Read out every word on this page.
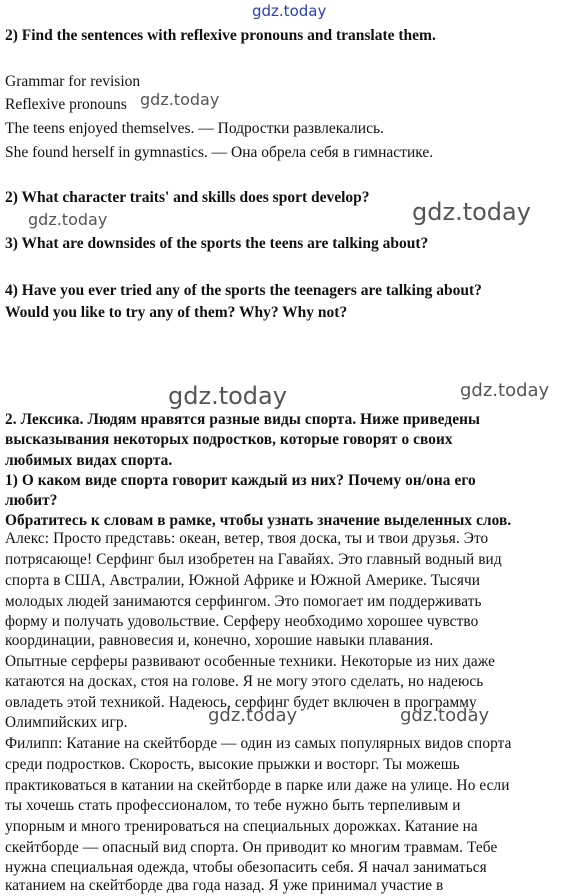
gdz.today
gdz.today
gdz.today	gdz.today
gdz.today	gdz.today
gdz.today	gdz.today
2) Find the sentences with reflexive pronouns and translate them.
Grammar for revision
Reflexive pronouns
The teens enjoyed themselves. — Подростки развлекались.
She found herself in gymnastics. — Она обрела себя в гимнастике.
2) What character traits' and skills does sport develop?
3) What are downsides of the sports the teens are talking about?
4) Have you ever tried any of the sports the teenagers are talking about?
Would you like to try any of them? Why? Why not?
2. Лексика. Людям нравятся разные виды спорта. Ниже приведены
высказывания некоторых подростков, которые говорят о своих
любимых видах спорта.
1) О каком виде спорта говорит каждый из них? Почему он/она его
любит?
Обратитесь к словам в рамке, чтобы узнать значение выделенных слов.
Алекс: Просто представь: океан, ветер, твоя доска, ты и твои друзья. Это
потрясающе! Серфинг был изобретен на Гавайях. Это главный водный вид
спорта в США, Австралии, Южной Африке и Южной Америке. Тысячи
молодых людей занимаются серфингом. Это помогает им поддерживать
форму и получать удовольствие. Серферу необходимо хорошее чувство
координации, равновесия и, конечно, хорошие навыки плавания.
Опытные серферы развивают особенные техники. Некоторые из них даже
катаются на досках, стоя на голове. Я не могу этого сделать, но надеюсь
овладеть этой техникой. Надеюсь, серфинг будет включен в программу
Олимпийских игр.
Филипп: Катание на скейтборде — один из самых популярных видов спорта
среди подростков. Скорость, высокие прыжки и восторг. Ты можешь
практиковаться в катании на скейтборде в парке или даже на улице. Но если
ты хочешь стать профессионалом, то тебе нужно быть терпеливым и
упорным и много тренироваться на специальных дорожках. Катание на
скейтборде — опасный вид спорта. Он приводит ко многим травмам. Тебе
нужна специальная одежда, чтобы обезопасить себя. Я начал заниматься
катанием на скейтборде два года назад. Я уже принимал участие в
